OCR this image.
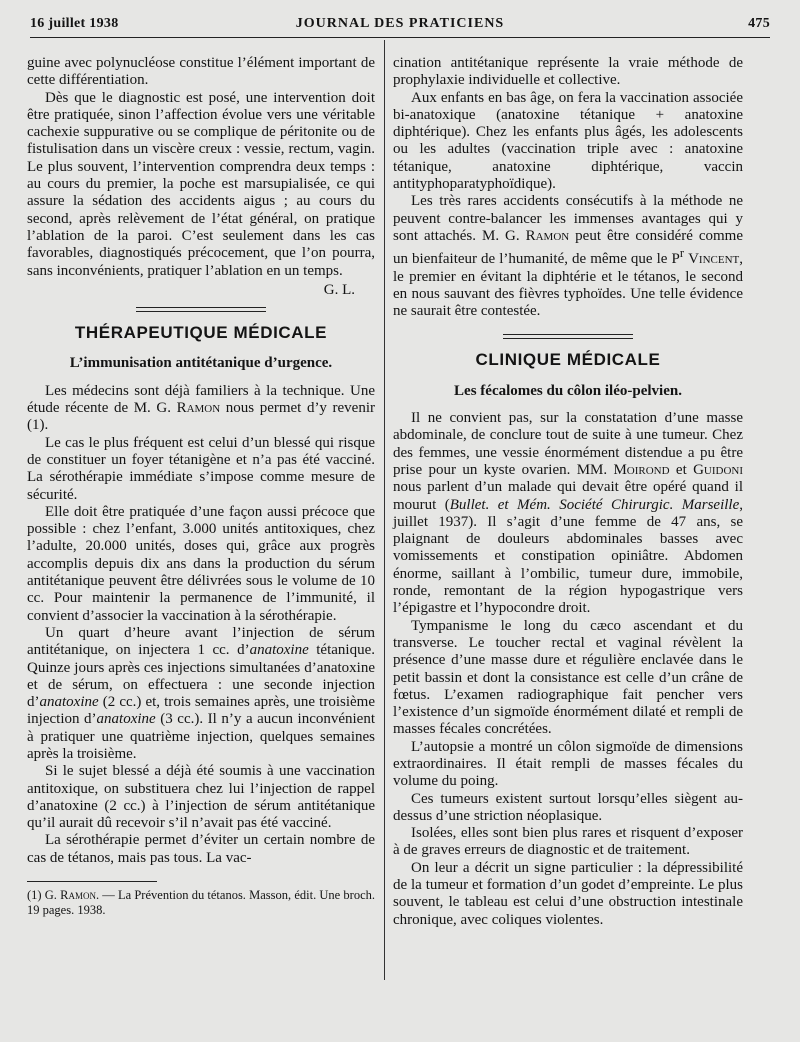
16 juillet 1938	JOURNAL DES PRATICIENS	475

guine avec polynucléose constitue l’élément important de cette différentiation.

Dès que le diagnostic est posé, une intervention doit être pratiquée, sinon l’affection évolue vers une véritable cachexie suppurative ou se complique de péritonite ou de fistulisation dans un viscère creux : vessie, rectum, vagin. Le plus souvent, l’intervention comprendra deux temps : au cours du premier, la poche est marsupialisée, ce qui assure la sédation des accidents aigus ; au cours du second, après relèvement de l’état général, on pratique l’ablation de la paroi. C’est seulement dans les cas favorables, diagnostiqués précocement, que l’on pourra, sans inconvénients, pratiquer l’ablation en un temps.

G. L.
THÉRAPEUTIQUE MÉDICALE
L’immunisation antitétanique d’urgence.

Les médecins sont déjà familiers à la technique. Une étude récente de M. G. Ramon nous permet d’y revenir (1).

Le cas le plus fréquent est celui d’un blessé qui risque de constituer un foyer tétanigène et n’a pas été vacciné. La sérothérapie immédiate s’impose comme mesure de sécurité.

Elle doit être pratiquée d’une façon aussi précoce que possible : chez l’enfant, 3.000 unités antitoxiques, chez l’adulte, 20.000 unités, doses qui, grâce aux progrès accomplis depuis dix ans dans la production du sérum antitétanique peuvent être délivrées sous le volume de 10 cc. Pour maintenir la permanence de l’immunité, il convient d’associer la vaccination à la sérothérapie.

Un quart d’heure avant l’injection de sérum antitétanique, on injectera 1 cc. d’anatoxine tétanique. Quinze jours après ces injections simultanées d’anatoxine et de sérum, on effectuera : une seconde injection d’anatoxine (2 cc.) et, trois semaines après, une troisième injection d’anatoxine (3 cc.). Il n’y a aucun inconvénient à pratiquer une quatrième injection, quelques semaines après la troisième.

Si le sujet blessé a déjà été soumis à une vaccination antitoxique, on substituera chez lui l’injection de rappel d’anatoxine (2 cc.) à l’injection de sérum antitétanique qu’il aurait dû recevoir s’il n’avait pas été vacciné.

La sérothérapie permet d’éviter un certain nombre de cas de tétanos, mais pas tous. La vac-

(1) G. Ramon. — La Prévention du tétanos. Masson, édit. Une broch. 19 pages. 1938.

cination antitétanique représente la vraie méthode de prophylaxie individuelle et collective.

Aux enfants en bas âge, on fera la vaccination associée bi-anatoxique (anatoxine tétanique + anatoxine diphtérique). Chez les enfants plus âgés, les adolescents ou les adultes (vaccination triple avec : anatoxine tétanique, anatoxine diphtérique, vaccin antityphoparatyphoïdique).

Les très rares accidents consécutifs à la méthode ne peuvent contre-balancer les immenses avantages qui y sont attachés. M. G. Ramon peut être considéré comme un bienfaiteur de l’humanité, de même que le $P^r$ Vincent, le premier en évitant la diphtérie et le tétanos, le second en nous sauvant des fièvres typhoïdes. Une telle évidence ne saurait être contestée.

CLINIQUE MÉDICALE
Les fécalomes du côlon iléo-pelvien.

Il ne convient pas, sur la constatation d’une masse abdominale, de conclure tout de suite à une tumeur. Chez des femmes, une vessie énormément distendue a pu être prise pour un kyste ovarien. MM. Moirond et Guidoni nous parlent d’un malade qui devait être opéré quand il mourut (Bullet. et Mém. Société Chirurgic. Marseille, juillet 1937). Il s’agit d’une femme de 47 ans, se plaignant de douleurs abdominales basses avec vomissements et constipation opiniâtre. Abdomen énorme, saillant à l’ombilic, tumeur dure, immobile, ronde, remontant de la région hypogastrique vers l’épigastre et l’hypocondre droit.

Tympanisme le long du cæco ascendant et du transverse. Le toucher rectal et vaginal révèlent la présence d’une masse dure et régulière enclavée dans le petit bassin et dont la consistance est celle d’un crâne de fœtus. L’examen radiographique fait pencher vers l’existence d’un sigmoïde énormément dilaté et rempli de masses fécales concrétées.

L’autopsie a montré un côlon sigmoïde de dimensions extraordinaires. Il était rempli de masses fécales du volume du poing.

Ces tumeurs existent surtout lorsqu’elles siègent au-dessus d’une striction néoplasique.

Isolées, elles sont bien plus rares et risquent d’exposer à de graves erreurs de diagnostic et de traitement.

On leur a décrit un signe particulier : la dépressibilité de la tumeur et formation d’un godet d’empreinte. Le plus souvent, le tableau est celui d’une obstruction intestinale chronique, avec coliques violentes.
